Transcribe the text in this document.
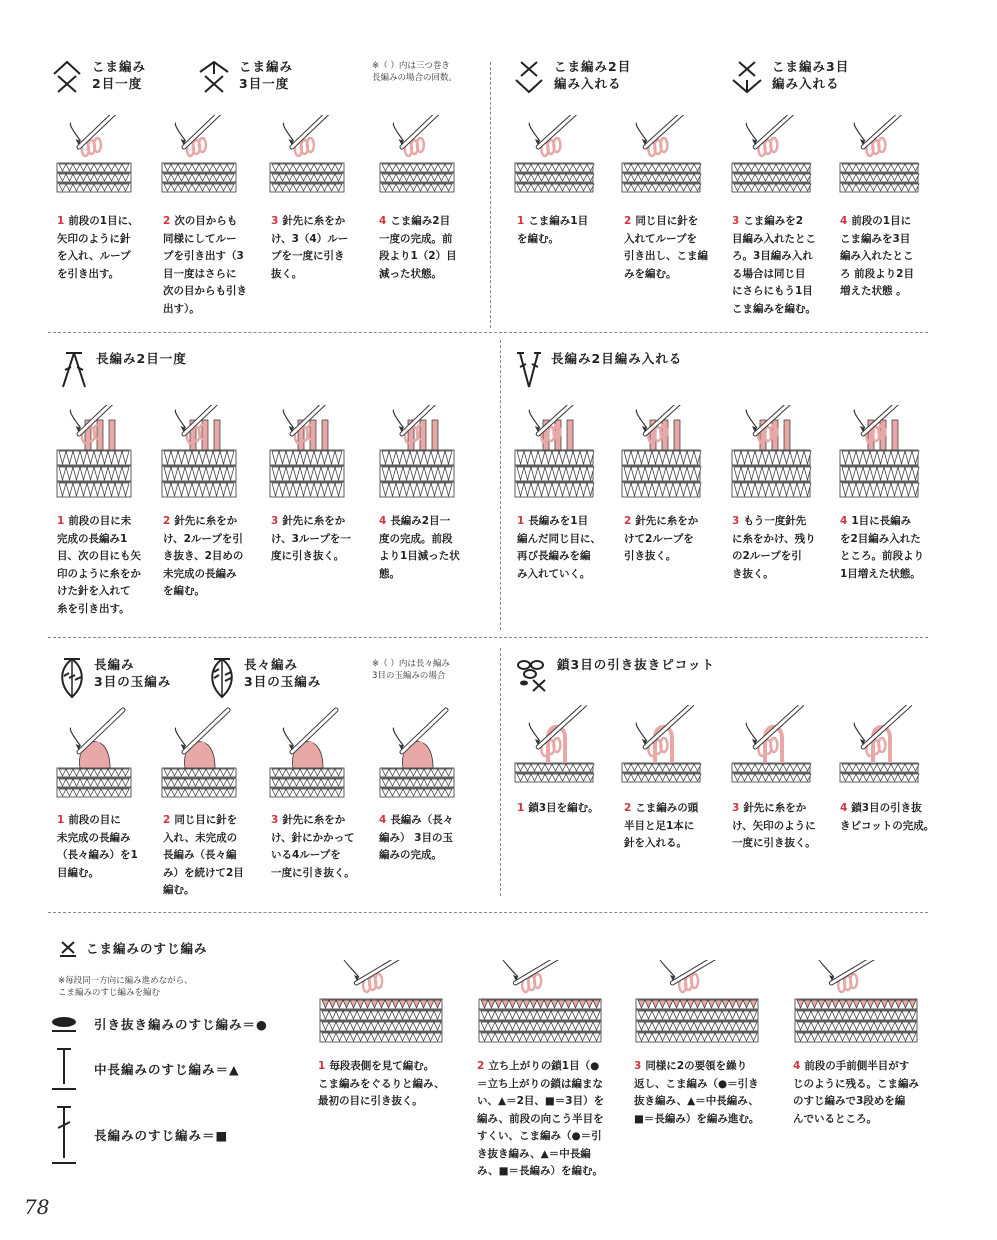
こま編み
2目一度
こま編み
3目一度
※（ ）内は三つ巻き
長編みの場合の回数。
1 前段の1目に、
矢印のように針
を入れ、ループ
を引き出す。
2 次の目からも
同様にしてルー
プを引き出す（3
目一度はさらに
次の目からも引き
出す）。
3 針先に糸をか
け、3（4）ルー
プを一度に引き
抜く。
4 こま編み2目
一度の完成。前
段より1（2）目
減った状態。
こま編み2目
編み入れる
こま編み3目
編み入れる
1 こま編み1目
を編む。
2 同じ目に針を
入れてループを
引き出し、こま編
みを編む。
3 こま編みを2
目編み入れたとこ
ろ。3目編み入れ
る場合は同じ目
にさらにもう1目
こま編みを編む。
4 前段の1目に
こま編みを3目
編み入れたとこ
ろ 前段より2目
増えた状態 。
長編み2目一度
1 前段の目に未
完成の長編み1
目、次の目にも矢
印のように糸をか
けた針を入れて
糸を引き出す。
2 針先に糸をか
け、2ループを引
き抜き、2目めの
未完成の長編み
を編む。
3 針先に糸をか
け、3ループを一
度に引き抜く。
4 長編み2目一
度の完成。前段
より1目減った状
態。
長編み2目編み入れる
1 長編みを1目
編んだ同じ目に、
再び長編みを編
み入れていく。
2 針先に糸をか
けて2ループを
引き抜く。
3 もう一度針先
に糸をかけ、残り
の2ループを引
き抜く。
4 1目に長編み
を2目編み入れた
ところ。前段より
1目増えた状態。
長編み
3目の玉編み
長々編み
3目の玉編み
※（ ）内は長々編み
3目の玉編みの場合
1 前段の目に
未完成の長編み
（長々編み）を1
目編む。
2 同じ目に針を
入れ、未完成の
長編み（長々編
み）を続けて2目
編む。
3 針先に糸をか
け、針にかかって
いる4ループを
一度に引き抜く。
4 長編み（長々
編み） 3目の玉
編みの完成。
鎖3目の引き抜きピコット
1 鎖3目を編む。 2 こま編みの頭
半目と足1本に
針を入れる。
3 針先に糸をか
け、矢印のように
一度に引き抜く。
4 鎖3目の引き抜
きピコットの完成。
こま編みのすじ編み
※毎段同一方向に編み進めながら、
こま編みのすじ編みを編む
引き抜き編みのすじ編み＝●
中長編みのすじ編み＝▲
長編みのすじ編み＝■
1 毎段表側を見て編む。
こま編みをぐるりと編み、
最初の目に引き抜く。
2 立ち上がりの鎖1目（●
＝立ち上がりの鎖は編まな
い、▲＝2目、■＝3目）を
編み、前段の向こう半目を
すくい、こま編み（●＝引
き抜き編み、▲＝中長編
み、■＝長編み）を編む。
3 同様に2の要領を繰り
返し、こま編み（●＝引き
抜き編み、▲＝中長編み、
■＝長編み）を編み進む。
4 前段の手前側半目がす
じのように残る。こま編み
のすじ編みで3段めを編
んでいるところ。
78
